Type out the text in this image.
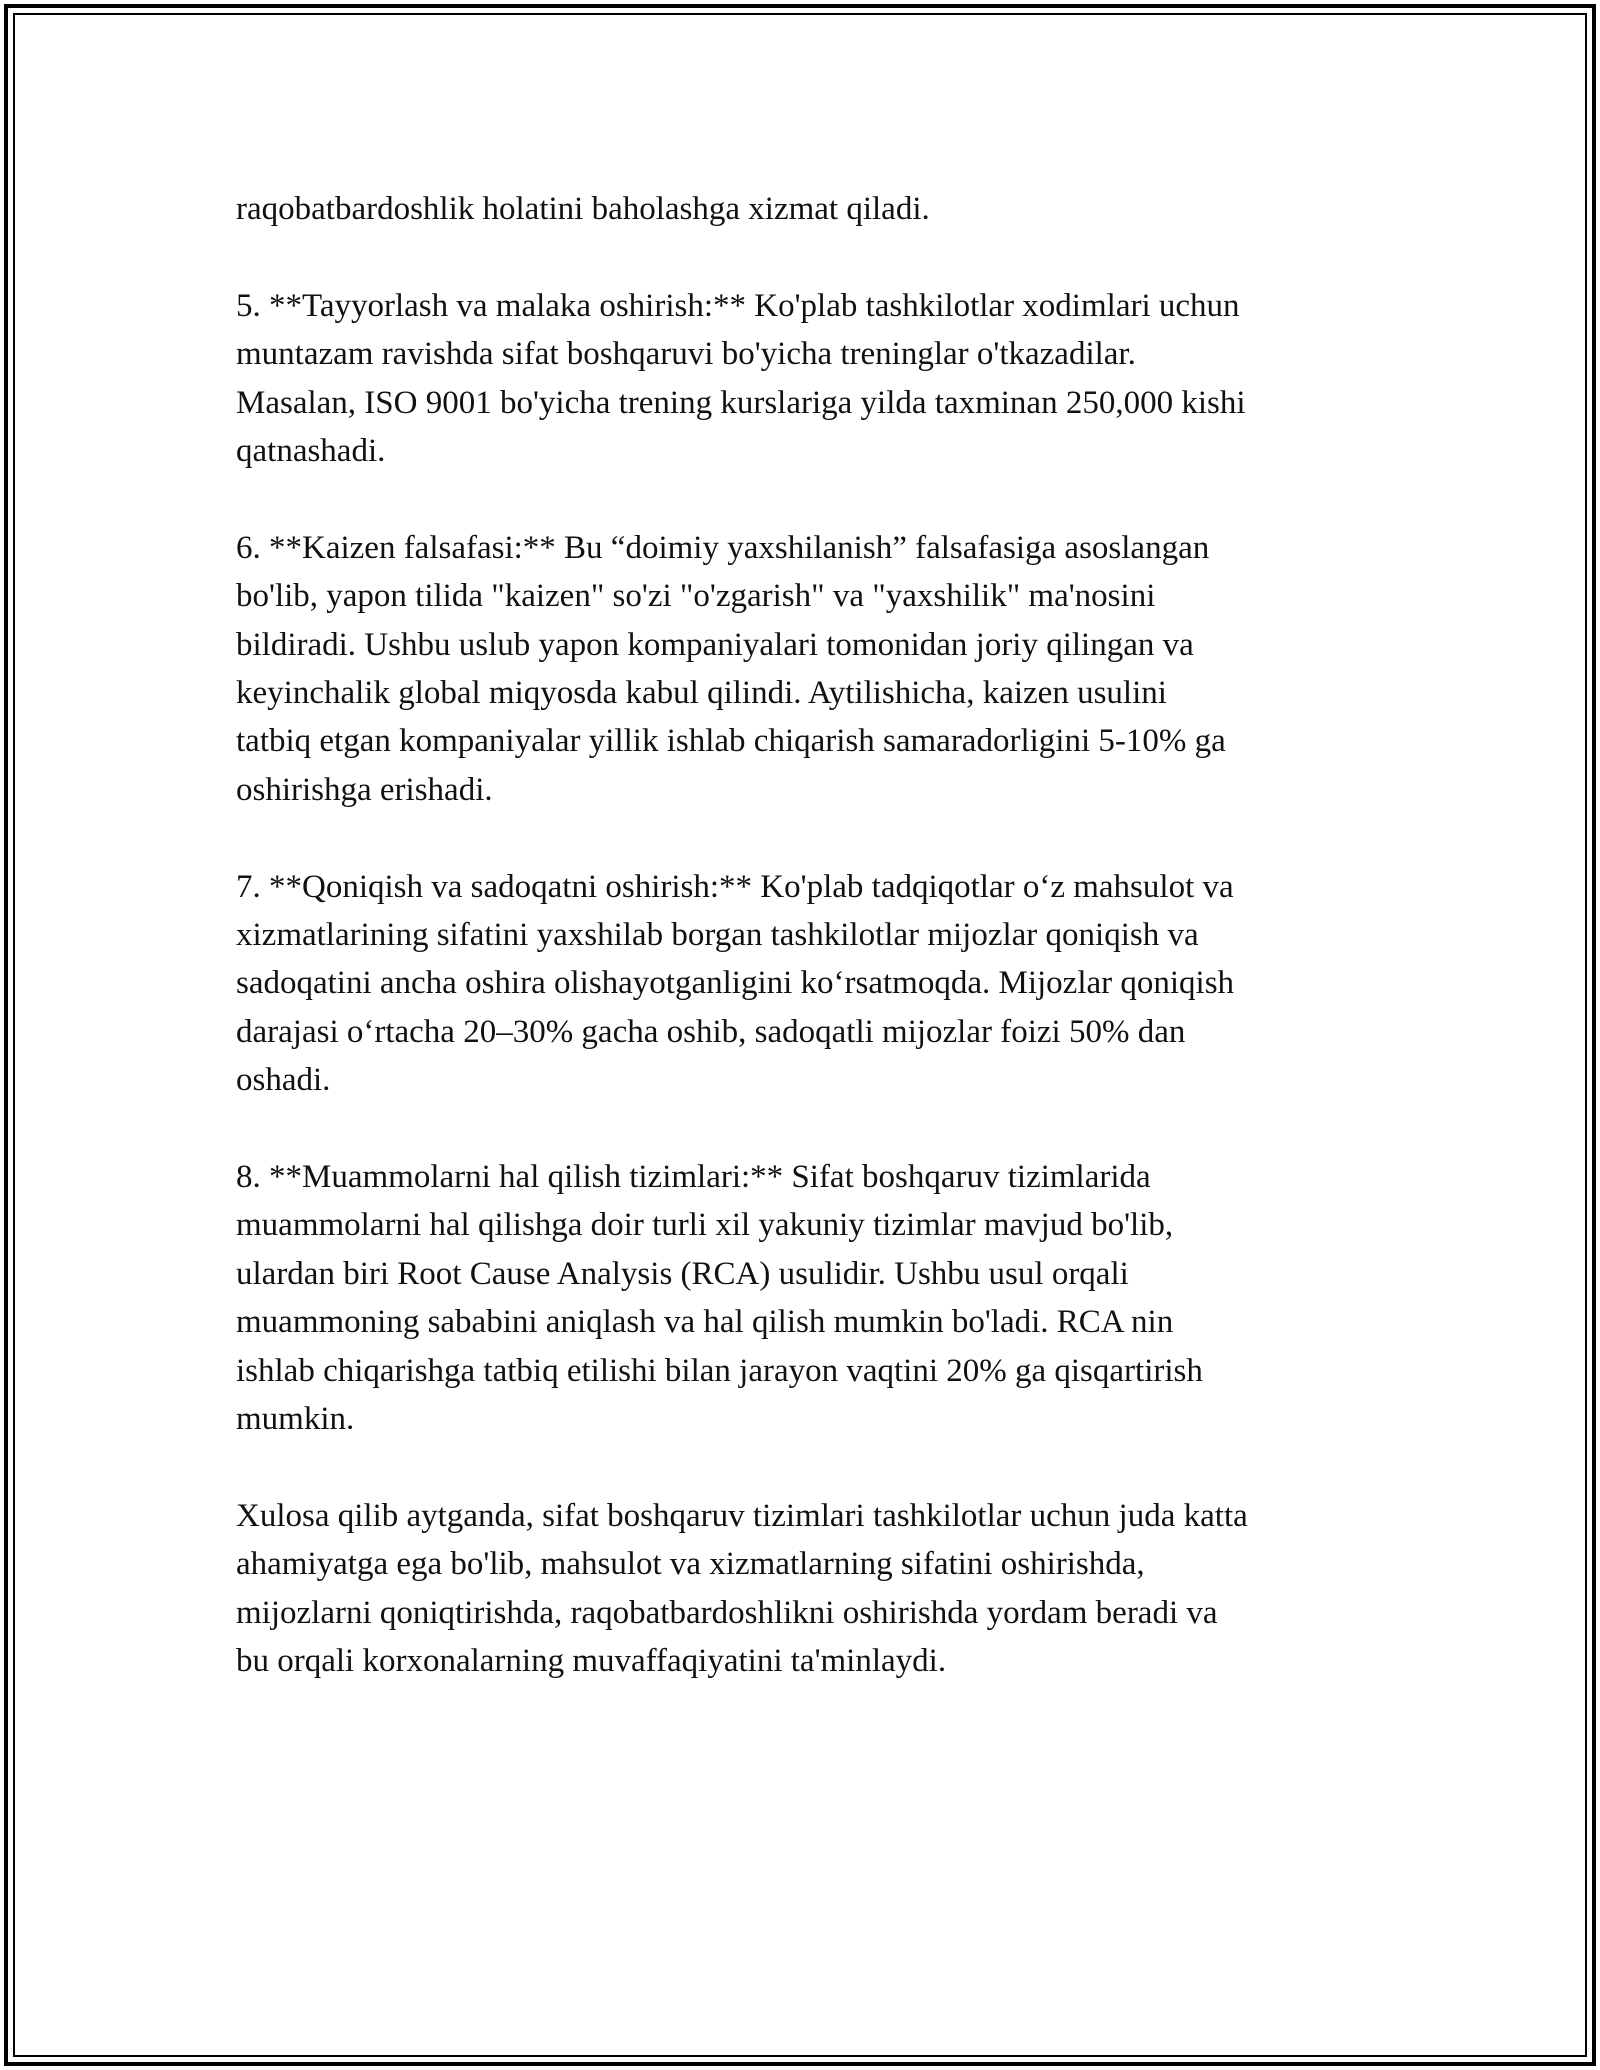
raqobatbardoshlik holatini baholashga xizmat qiladi.

5. **Tayyorlash va malaka oshirish:** Ko'plab tashkilotlar xodimlari uchun
muntazam ravishda sifat boshqaruvi bo'yicha treninglar o'tkazadilar.
Masalan, ISO 9001 bo'yicha trening kurslariga yilda taxminan 250,000 kishi
qatnashadi.

6. **Kaizen falsafasi:** Bu “doimiy yaxshilanish” falsafasiga asoslangan
bo'lib, yapon tilida "kaizen" so'zi "o'zgarish" va "yaxshilik" ma'nosini
bildiradi. Ushbu uslub yapon kompaniyalari tomonidan joriy qilingan va
keyinchalik global miqyosda kabul qilindi. Aytilishicha, kaizen usulini
tatbiq etgan kompaniyalar yillik ishlab chiqarish samaradorligini 5-10% ga
oshirishga erishadi.

7. **Qoniqish va sadoqatni oshirish:** Ko'plab tadqiqotlar o‘z mahsulot va
xizmatlarining sifatini yaxshilab borgan tashkilotlar mijozlar qoniqish va
sadoqatini ancha oshira olishayotganligini ko‘rsatmoqda. Mijozlar qoniqish
darajasi o‘rtacha 20–30% gacha oshib, sadoqatli mijozlar foizi 50% dan
oshadi.

8. **Muammolarni hal qilish tizimlari:** Sifat boshqaruv tizimlarida
muammolarni hal qilishga doir turli xil yakuniy tizimlar mavjud bo'lib,
ulardan biri Root Cause Analysis (RCA) usulidir. Ushbu usul orqali
muammoning sababini aniqlash va hal qilish mumkin bo'ladi. RCA nin
ishlab chiqarishga tatbiq etilishi bilan jarayon vaqtini 20% ga qisqartirish
mumkin.

Xulosa qilib aytganda, sifat boshqaruv tizimlari tashkilotlar uchun juda katta
ahamiyatga ega bo'lib, mahsulot va xizmatlarning sifatini oshirishda,
mijozlarni qoniqtirishda, raqobatbardoshlikni oshirishda yordam beradi va
bu orqali korxonalarning muvaffaqiyatini ta'minlaydi.
